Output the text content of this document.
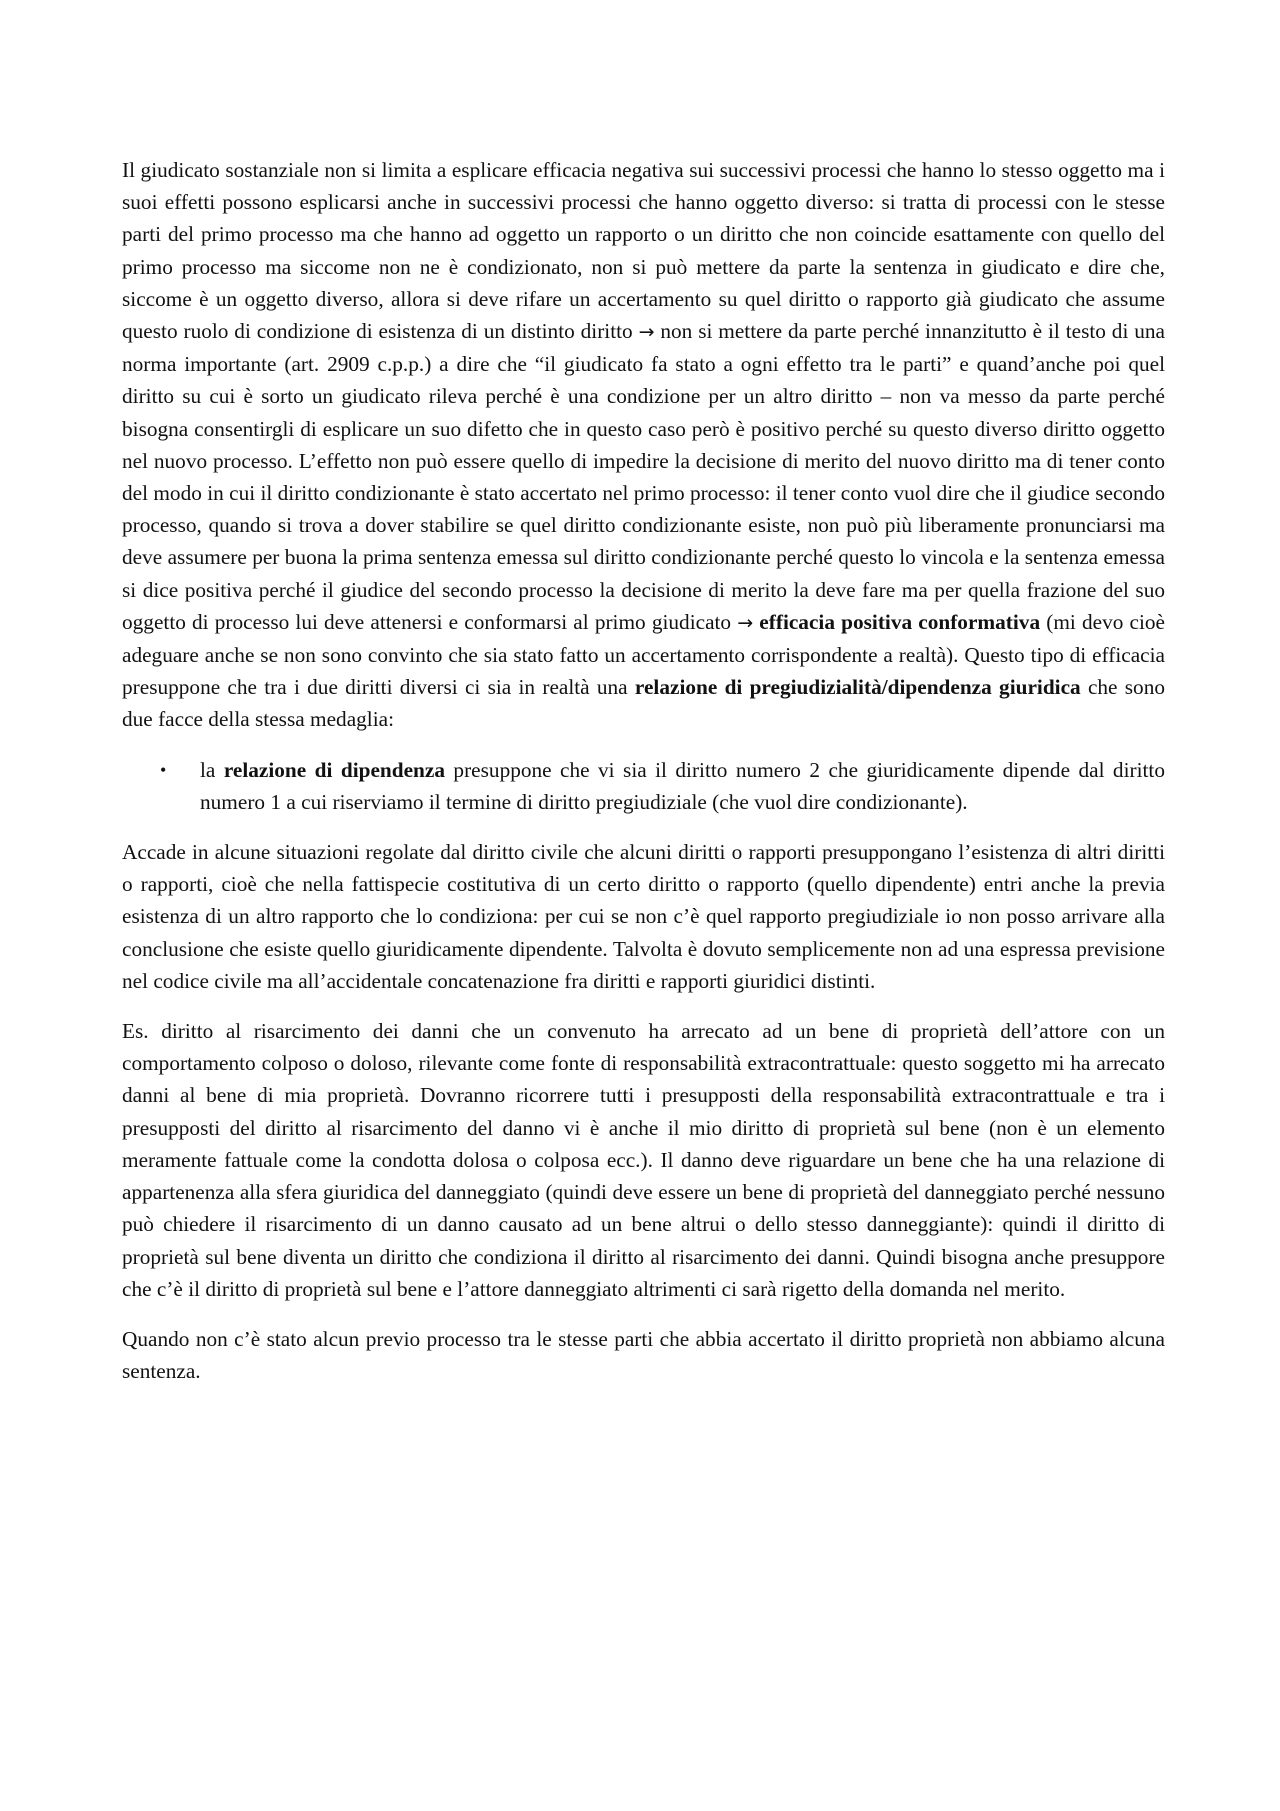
Il giudicato sostanziale non si limita a esplicare efficacia negativa sui successivi processi che hanno lo stesso oggetto ma i suoi effetti possono esplicarsi anche in successivi processi che hanno oggetto diverso: si tratta di processi con le stesse parti del primo processo ma che hanno ad oggetto un rapporto o un diritto che non coincide esattamente con quello del primo processo ma siccome non ne è condizionato, non si può mettere da parte la sentenza in giudicato e dire che, siccome è un oggetto diverso, allora si deve rifare un accertamento su quel diritto o rapporto già giudicato che assume questo ruolo di condizione di esistenza di un distinto diritto → non si mettere da parte perché innanzitutto è il testo di una norma importante (art. 2909 c.p.p.) a dire che “il giudicato fa stato a ogni effetto tra le parti” e quand’anche poi quel diritto su cui è sorto un giudicato rileva perché è una condizione per un altro diritto – non va messo da parte perché bisogna consentirgli di esplicare un suo difetto che in questo caso però è positivo perché su questo diverso diritto oggetto nel nuovo processo. L’effetto non può essere quello di impedire la decisione di merito del nuovo diritto ma di tener conto del modo in cui il diritto condizionante è stato accertato nel primo processo: il tener conto vuol dire che il giudice secondo processo, quando si trova a dover stabilire se quel diritto condizionante esiste, non può più liberamente pronunciarsi ma deve assumere per buona la prima sentenza emessa sul diritto condizionante perché questo lo vincola e la sentenza emessa si dice positiva perché il giudice del secondo processo la decisione di merito la deve fare ma per quella frazione del suo oggetto di processo lui deve attenersi e conformarsi al primo giudicato → efficacia positiva conformativa (mi devo cioè adeguare anche se non sono convinto che sia stato fatto un accertamento corrispondente a realtà). Questo tipo di efficacia presuppone che tra i due diritti diversi ci sia in realtà una relazione di pregiudizialità/dipendenza giuridica che sono due facce della stessa medaglia:

• la relazione di dipendenza presuppone che vi sia il diritto numero 2 che giuridicamente dipende dal diritto numero 1 a cui riserviamo il termine di diritto pregiudiziale (che vuol dire condizionante).

Accade in alcune situazioni regolate dal diritto civile che alcuni diritti o rapporti presuppongano l’esistenza di altri diritti o rapporti, cioè che nella fattispecie costitutiva di un certo diritto o rapporto (quello dipendente) entri anche la previa esistenza di un altro rapporto che lo condiziona: per cui se non c’è quel rapporto pregiudiziale io non posso arrivare alla conclusione che esiste quello giuridicamente dipendente. Talvolta è dovuto semplicemente non ad una espressa previsione nel codice civile ma all’accidentale concatenazione fra diritti e rapporti giuridici distinti.

Es. diritto al risarcimento dei danni che un convenuto ha arrecato ad un bene di proprietà dell’attore con un comportamento colposo o doloso, rilevante come fonte di responsabilità extracontrattuale: questo soggetto mi ha arrecato danni al bene di mia proprietà. Dovranno ricorrere tutti i presupposti della responsabilità extracontrattuale e tra i presupposti del diritto al risarcimento del danno vi è anche il mio diritto di proprietà sul bene (non è un elemento meramente fattuale come la condotta dolosa o colposa ecc.). Il danno deve riguardare un bene che ha una relazione di appartenenza alla sfera giuridica del danneggiato (quindi deve essere un bene di proprietà del danneggiato perché nessuno può chiedere il risarcimento di un danno causato ad un bene altrui o dello stesso danneggiante): quindi il diritto di proprietà sul bene diventa un diritto che condiziona il diritto al risarcimento dei danni. Quindi bisogna anche presuppore che c’è il diritto di proprietà sul bene e l’attore danneggiato altrimenti ci sarà rigetto della domanda nel merito.

Quando non c’è stato alcun previo processo tra le stesse parti che abbia accertato il diritto proprietà non abbiamo alcuna sentenza.
